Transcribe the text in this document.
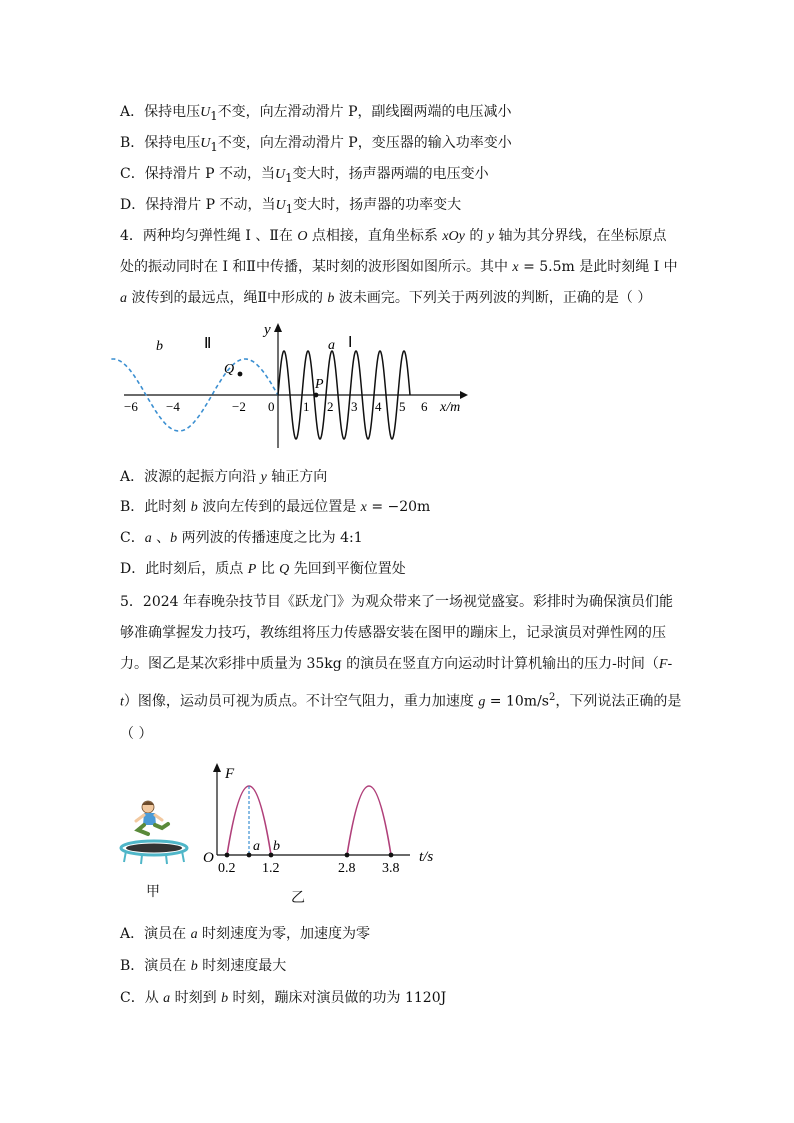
A．保持电压$U_1$不变，向左滑动滑片 P，副线圈两端的电压减小
B．保持电压$U_1$不变，向左滑动滑片 P，变压器的输入功率变小
C．保持滑片 P 不动，当$U_1$变大时，扬声器两端的电压变小
D．保持滑片 P 不动，当$U_1$变大时，扬声器的功率变大
4．两种均匀弹性绳 Ⅰ 、Ⅱ在 O 点相接，直角坐标系 xOy 的 y 轴为其分界线，在坐标原点
处的振动同时在 Ⅰ 和Ⅱ中传播，某时刻的波形图如图所示。其中 x = 5.5m 是此时刻绳 Ⅰ 中
a 波传到的最远点，绳Ⅱ中形成的 b 波未画完。下列关于两列波的判断，正确的是（ ）
y
x/m
0
−6 −4	−2	1 2 3 4 5 6
b	Ⅱ	a Ⅰ
Q
P
A．波源的起振方向沿 y 轴正方向
B．此时刻 b 波向左传到的最远位置是 x = −20m
C．a 、b 两列波的传播速度之比为 4:1
D．此时刻后，质点 P 比 Q 先回到平衡位置处
5．2024 年春晚杂技节目《跃龙门》为观众带来了一场视觉盛宴。彩排时为确保演员们能
够准确掌握发力技巧，教练组将压力传感器安装在图甲的蹦床上，记录演员对弹性网的压
力。图乙是某次彩排中质量为 35kg 的演员在竖直方向运动时计算机输出的压力-时间（F-
t）图像，运动员可视为质点。不计空气阻力，重力加速度 $g = 10m/s^2$，下列说法正确的是
（ ）
F
t/s
O
a b
0.2 1.2	2.8 3.8
甲	乙
A．演员在 a 时刻速度为零，加速度为零
B．演员在 b 时刻速度最大
C．从 a 时刻到 b 时刻，蹦床对演员做的功为 1120J
